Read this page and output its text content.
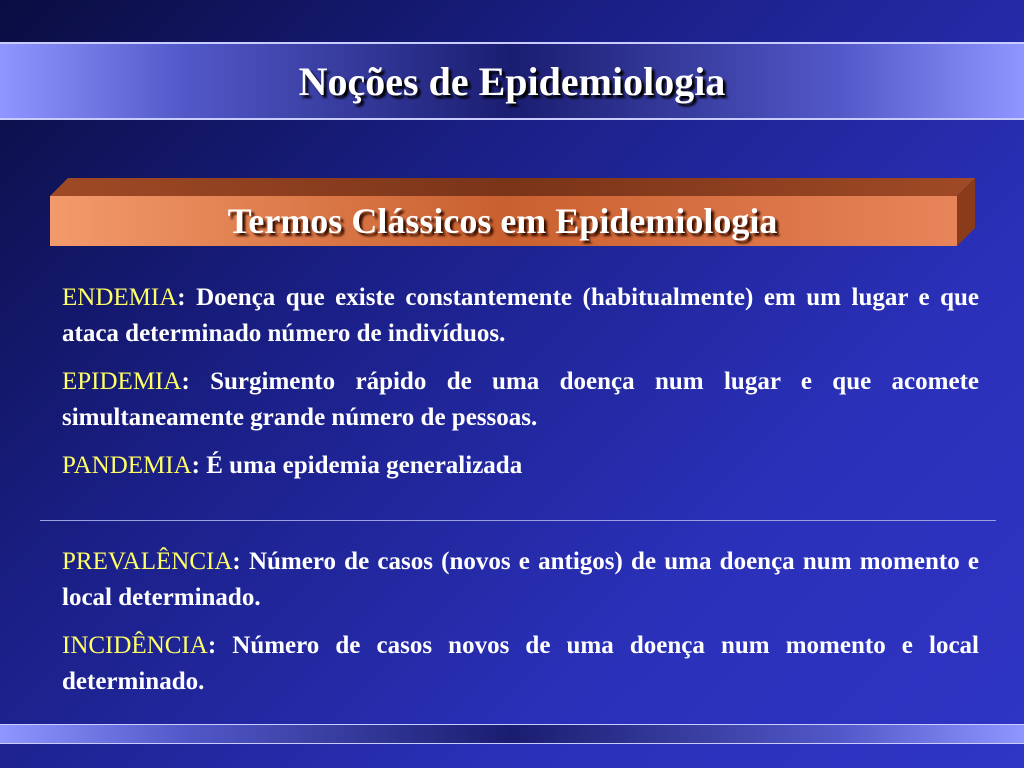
Noções de Epidemiologia
Termos Clássicos em Epidemiologia

ENDEMIA: Doença que existe constantemente (habitualmente) em um lugar e que ataca determinado número de indivíduos.

EPIDEMIA: Surgimento rápido de uma doença num lugar e que acomete simultaneamente grande número de pessoas.

PANDEMIA: É uma epidemia generalizada

PREVALÊNCIA: Número de casos (novos e antigos) de uma doença num momento e local determinado.

INCIDÊNCIA: Número de casos novos de uma doença num momento e local determinado.
